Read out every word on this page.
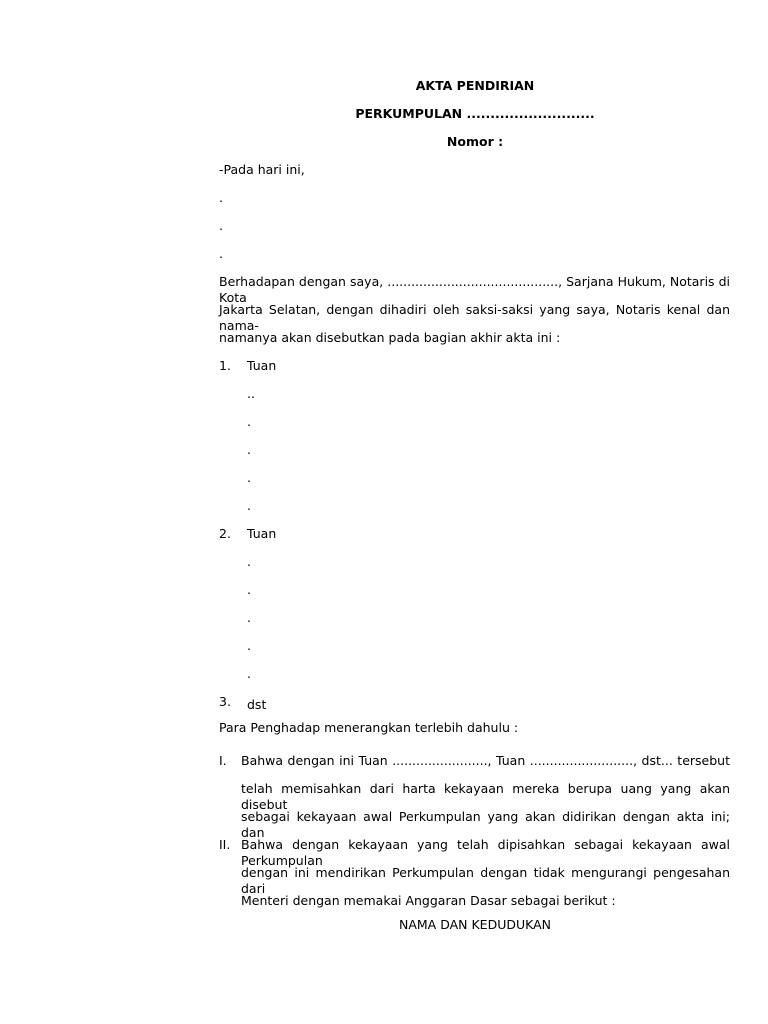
AKTA PENDIRIAN
PERKUMPULAN ...........................
Nomor :
-Pada hari ini,
.
.
.
Berhadapan dengan saya, ..........................................., Sarjana Hukum, Notaris di Kota
Jakarta Selatan, dengan dihadiri oleh saksi-saksi yang saya, Notaris kenal dan nama-
namanya akan disebutkan pada bagian akhir akta ini :
1. Tuan
..
.
.
.
.
2. Tuan
.
.
.
.
.
3. dst
Para Penghadap menerangkan terlebih dahulu :
I. Bahwa dengan ini Tuan ........................, Tuan .........................., dst... tersebut
telah memisahkan dari harta kekayaan mereka berupa uang yang akan disebut
sebagai kekayaan awal Perkumpulan yang akan didirikan dengan akta ini; dan
II. Bahwa dengan kekayaan yang telah dipisahkan sebagai kekayaan awal Perkumpulan
dengan ini mendirikan Perkumpulan dengan tidak mengurangi pengesahan dari
Menteri dengan memakai Anggaran Dasar sebagai berikut :
NAMA DAN KEDUDUKAN
